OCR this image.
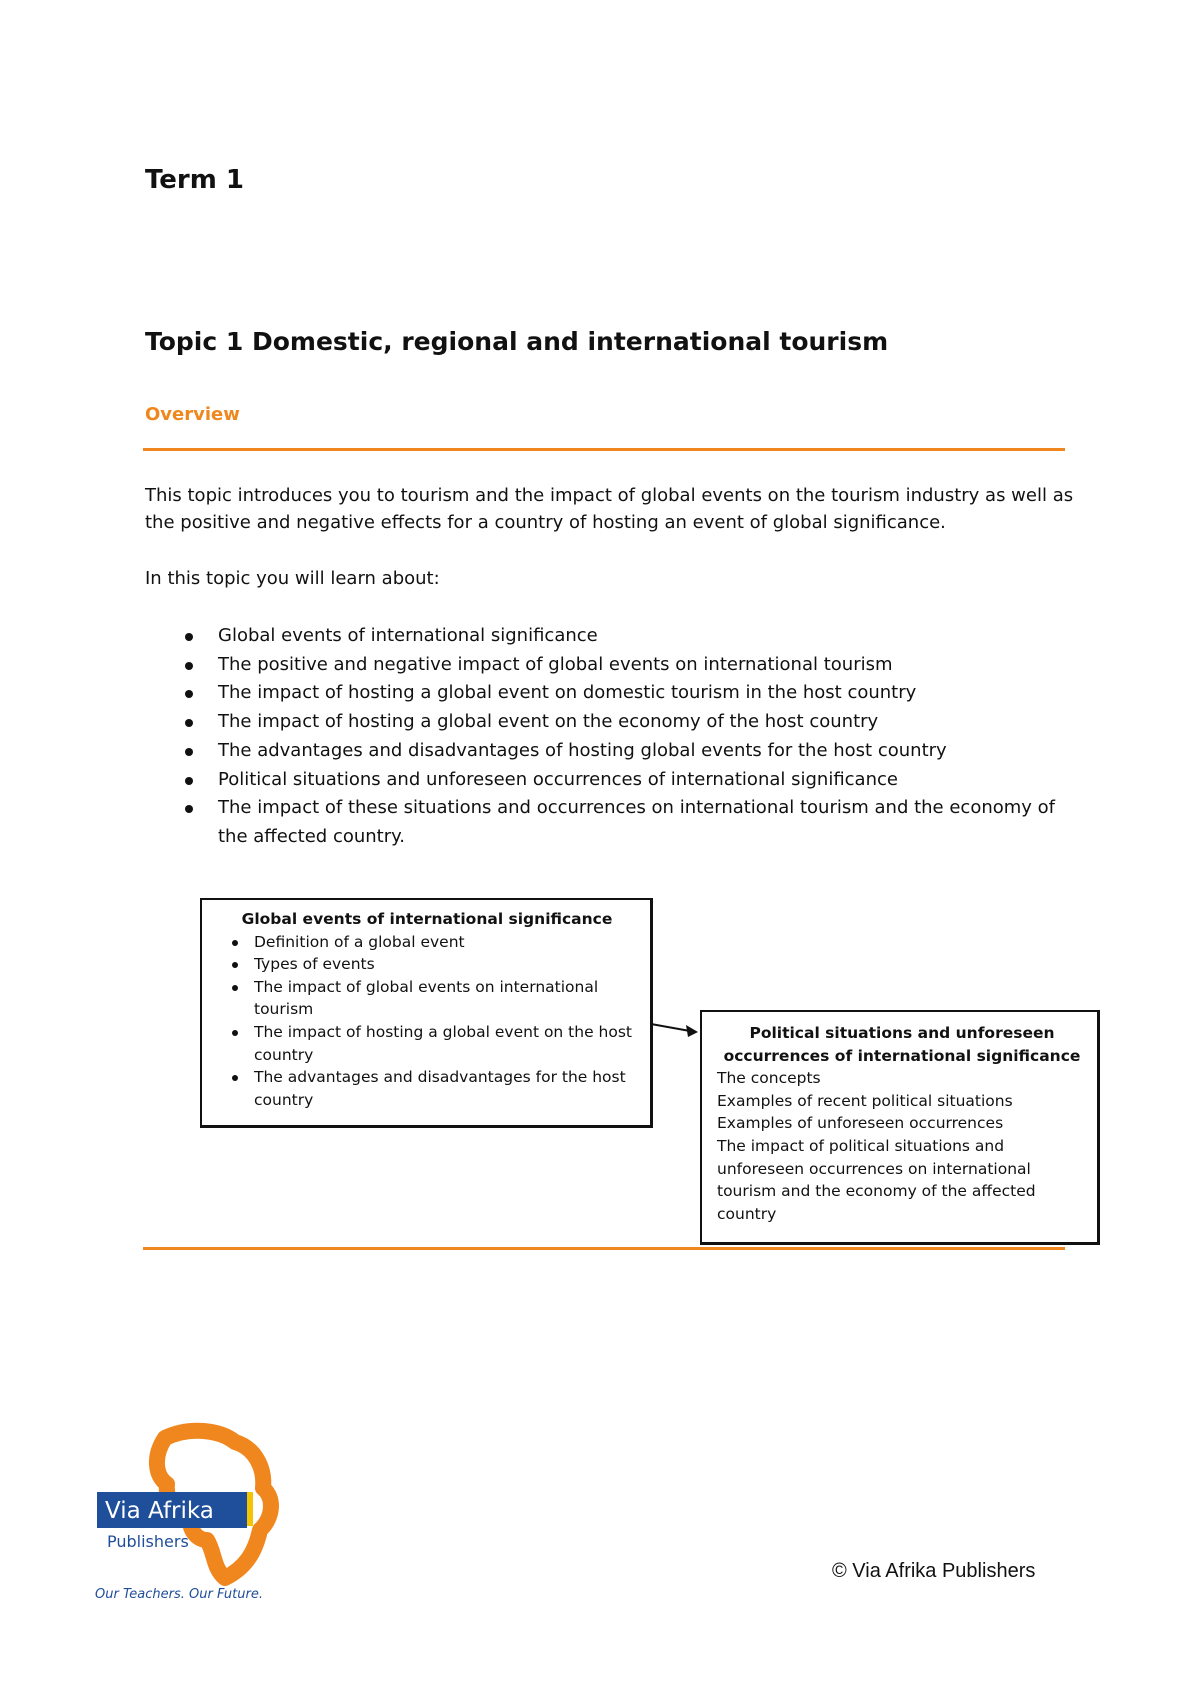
Term 1
Topic 1 Domestic, regional and international tourism
Overview
This topic introduces you to tourism and the impact of global events on the tourism industry as well as the positive and negative effects for a country of hosting an event of global significance.
In this topic you will learn about:
Global events of international significance
The positive and negative impact of global events on international tourism
The impact of hosting a global event on domestic tourism in the host country
The impact of hosting a global event on the economy of the host country
The advantages and disadvantages of hosting global events for the host country
Political situations and unforeseen occurrences of international significance
The impact of these situations and occurrences on international tourism and the economy of the affected country.
Global events of international significance
Definition of a global event
Types of events
The impact of global events on international tourism
The impact of hosting a global event on the host country
The advantages and disadvantages for the host country
Political situations and unforeseen occurrences of international significance
The concepts
Examples of recent political situations
Examples of unforeseen occurrences
The impact of political situations and unforeseen occurrences on international tourism and the economy of the affected country
Via Afrika
Publishers
Our Teachers. Our Future.
© Via Afrika Publishers
